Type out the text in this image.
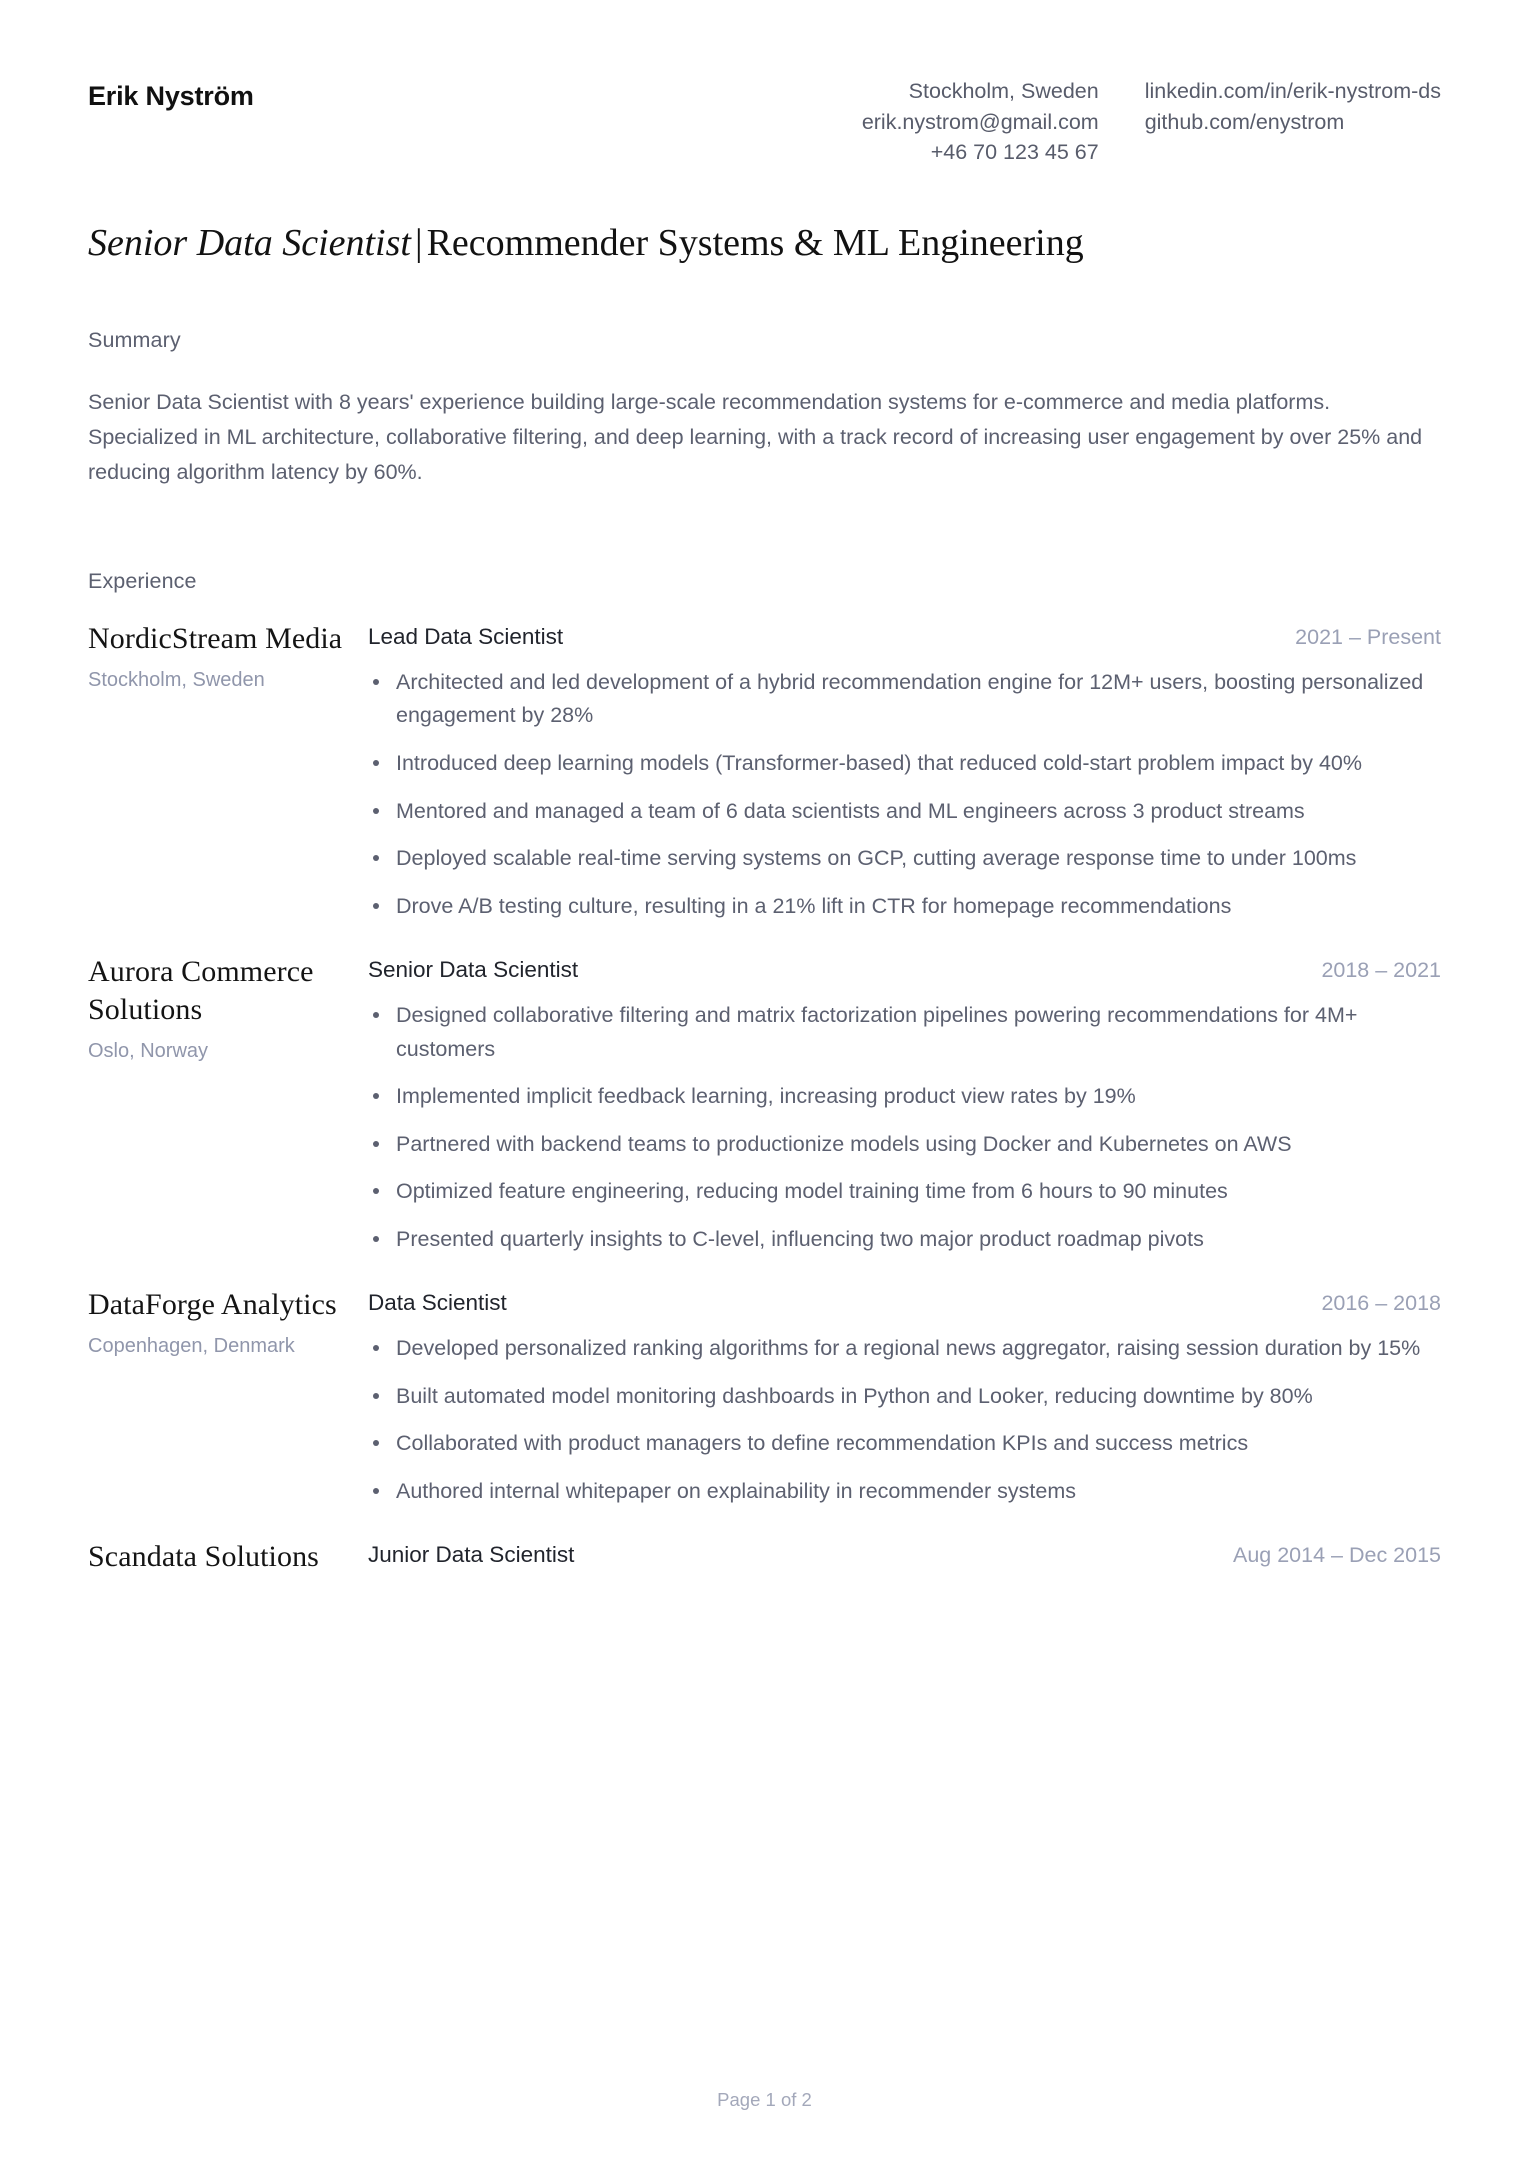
Erik Nyström	Stockholm, Sweden
erik.nystrom@gmail.com
+46 70 123 45 67
linkedin.com/in/erik-nystrom-ds
github.com/enystrom
Senior Data Scientist | Recommender Systems & ML Engineering
Summary
Senior Data Scientist with 8 years' experience building large-scale recommendation systems for e-commerce and media platforms. Specialized in ML architecture, collaborative filtering, and deep learning, with a track record of increasing user engagement by over 25% and reducing algorithm latency by 60%.
Experience
NordicStream Media
Stockholm, Sweden
Lead Data Scientist	2021 – Present
Architected and led development of a hybrid recommendation engine for 12M+ users, boosting personalized engagement by 28%
Introduced deep learning models (Transformer-based) that reduced cold-start problem impact by 40%
Mentored and managed a team of 6 data scientists and ML engineers across 3 product streams
Deployed scalable real-time serving systems on GCP, cutting average response time to under 100ms
Drove A/B testing culture, resulting in a 21% lift in CTR for homepage recommendations
Aurora Commerce Solutions
Oslo, Norway
Senior Data Scientist	2018 – 2021
Designed collaborative filtering and matrix factorization pipelines powering recommendations for 4M+ customers
Implemented implicit feedback learning, increasing product view rates by 19%
Partnered with backend teams to productionize models using Docker and Kubernetes on AWS
Optimized feature engineering, reducing model training time from 6 hours to 90 minutes
Presented quarterly insights to C-level, influencing two major product roadmap pivots
DataForge Analytics
Copenhagen, Denmark
Data Scientist	2016 – 2018
Developed personalized ranking algorithms for a regional news aggregator, raising session duration by 15%
Built automated model monitoring dashboards in Python and Looker, reducing downtime by 80%
Collaborated with product managers to define recommendation KPIs and success metrics
Authored internal whitepaper on explainability in recommender systems
Scandata Solutions	Junior Data Scientist	Aug 2014 – Dec 2015
Page 1 of 2
